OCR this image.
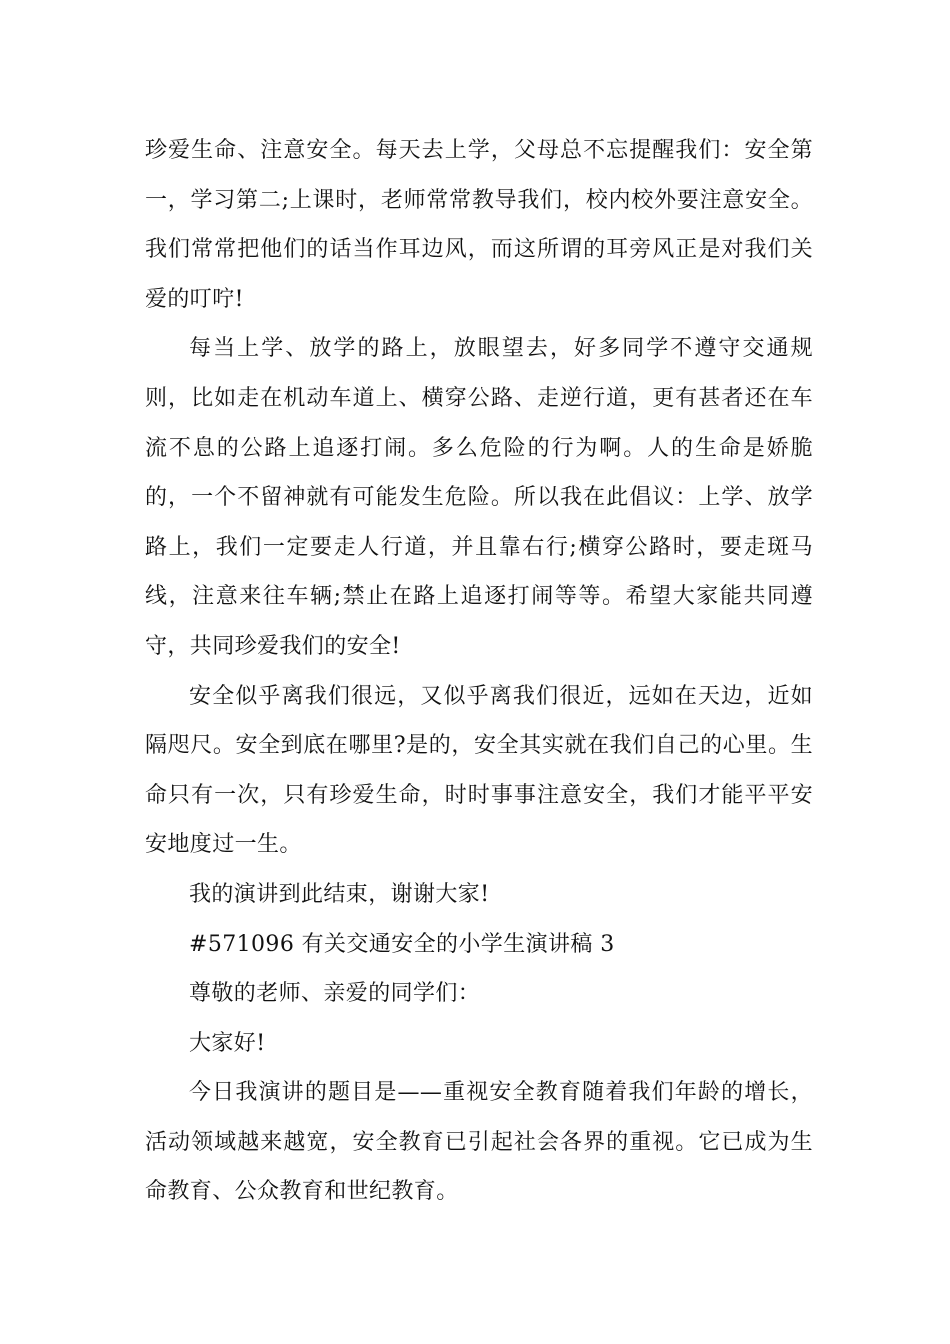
珍爱生命、注意安全。每天去上学，父母总不忘提醒我们：安全第一，学习第二;上课时，老师常常教导我们，校内校外要注意安全。我们常常把他们的话当作耳边风，而这所谓的耳旁风正是对我们关爱的叮咛!

每当上学、放学的路上，放眼望去，好多同学不遵守交通规则，比如走在机动车道上、横穿公路、走逆行道，更有甚者还在车流不息的公路上追逐打闹。多么危险的行为啊。人的生命是娇脆的，一个不留神就有可能发生危险。所以我在此倡议：上学、放学路上，我们一定要走人行道，并且靠右行;横穿公路时，要走斑马线，注意来往车辆;禁止在路上追逐打闹等等。希望大家能共同遵守，共同珍爱我们的安全!

安全似乎离我们很远，又似乎离我们很近，远如在天边，近如隔咫尺。安全到底在哪里?是的，安全其实就在我们自己的心里。生命只有一次，只有珍爱生命，时时事事注意安全，我们才能平平安安地度过一生。

我的演讲到此结束，谢谢大家!

#571096 有关交通安全的小学生演讲稿 3

尊敬的老师、亲爱的同学们：

大家好!

今日我演讲的题目是——重视安全教育随着我们年龄的增长，活动领域越来越宽，安全教育已引起社会各界的重视。它已成为生命教育、公众教育和世纪教育。
